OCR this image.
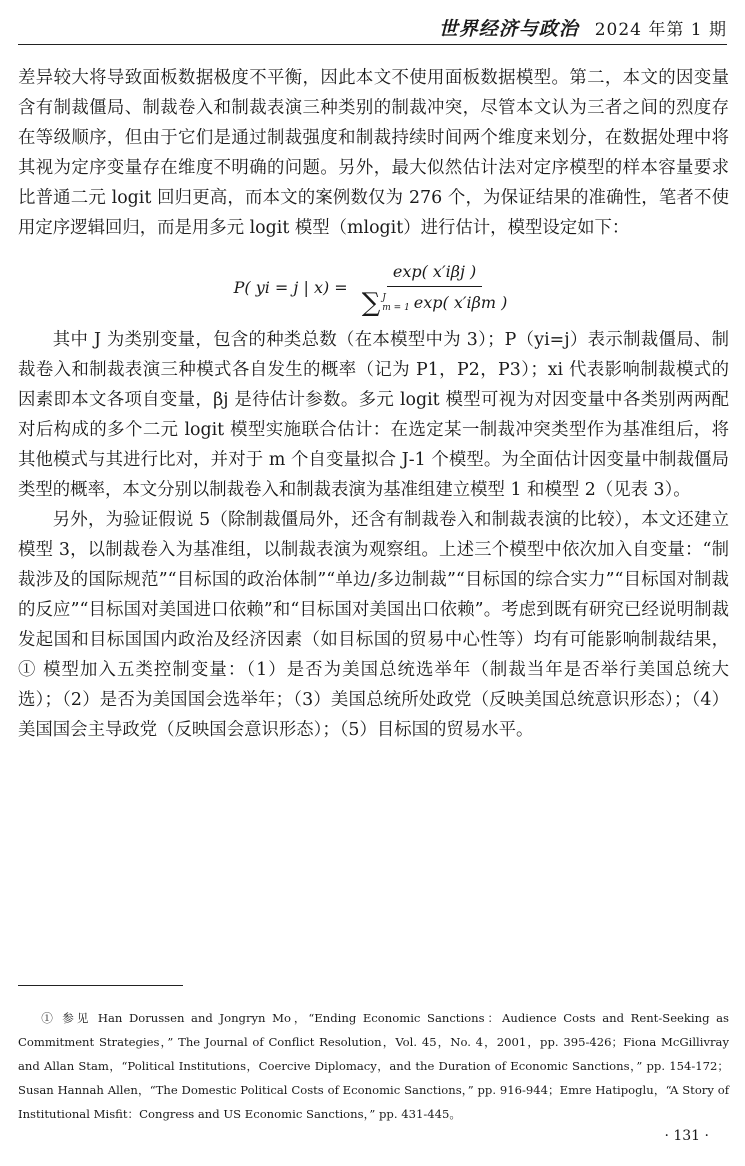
世界经济与政治 2024 年第 1 期

差异较大将导致面板数据极度不平衡，因此本文不使用面板数据模型。第二，本文的因变量含有制裁僵局、制裁卷入和制裁表演三种类别的制裁冲突，尽管本文认为三者之间的烈度存在等级顺序，但由于它们是通过制裁强度和制裁持续时间两个维度来划分，在数据处理中将其视为定序变量存在维度不明确的问题。另外，最大似然估计法对定序模型的样本容量要求比普通二元 logit 回归更高，而本文的案例数仅为 276 个，为保证结果的准确性，笔者不使用定序逻辑回归，而是用多元 logit 模型（mlogit）进行估计，模型设定如下：

P( yi = j | x) =
exp( x′iβj )
∑ J
m = 1 exp( x′iβm )

其中 J 为类别变量，包含的种类总数（在本模型中为 3）；P（yi=j）表示制裁僵局、制裁卷入和制裁表演三种模式各自发生的概率（记为 P1，P2，P3）；xi 代表影响制裁模式的因素即本文各项自变量，βj 是待估计参数。多元 logit 模型可视为对因变量中各类别两两配对后构成的多个二元 logit 模型实施联合估计：在选定某一制裁冲突类型作为基准组后，将其他模式与其进行比对，并对于 m 个自变量拟合 J-1 个模型。为全面估计因变量中制裁僵局类型的概率，本文分别以制裁卷入和制裁表演为基准组建立模型 1 和模型 2（见表 3）。

另外，为验证假说 5（除制裁僵局外，还含有制裁卷入和制裁表演的比较），本文还建立模型 3，以制裁卷入为基准组，以制裁表演为观察组。上述三个模型中依次加入自变量：“制裁涉及的国际规范”“目标国的政治体制”“单边/多边制裁”“目标国的综合实力”“目标国对制裁的反应”“目标国对美国进口依赖”和“目标国对美国出口依赖”。考虑到既有研究已经说明制裁发起国和目标国国内政治及经济因素（如目标国的贸易中心性等）均有可能影响制裁结果，① 模型加入五类控制变量：（1）是否为美国总统选举年（制裁当年是否举行美国总统大选）；（2）是否为美国国会选举年；（3）美国总统所处政党（反映美国总统意识形态）；（4）美国国会主导政党（反映国会意识形态）；（5）目标国的贸易水平。

① 参见 Han Dorussen and Jongryn Mo，“Ending Economic Sanctions：Audience Costs and Rent-Seeking as Commitment Strategies，” The Journal of Conflict Resolution，Vol. 45，No. 4，2001，pp. 395-426；Fiona McGillivray and Allan Stam，“Political Institutions，Coercive Diplomacy，and the Duration of Economic Sanctions，” pp. 154-172；Susan Hannah Allen，“The Domestic Political Costs of Economic Sanctions，” pp. 916-944；Emre Hatipoglu，“A Story of Institutional Misfit：Congress and US Economic Sanctions，” pp. 431-445。

· 131 ·
